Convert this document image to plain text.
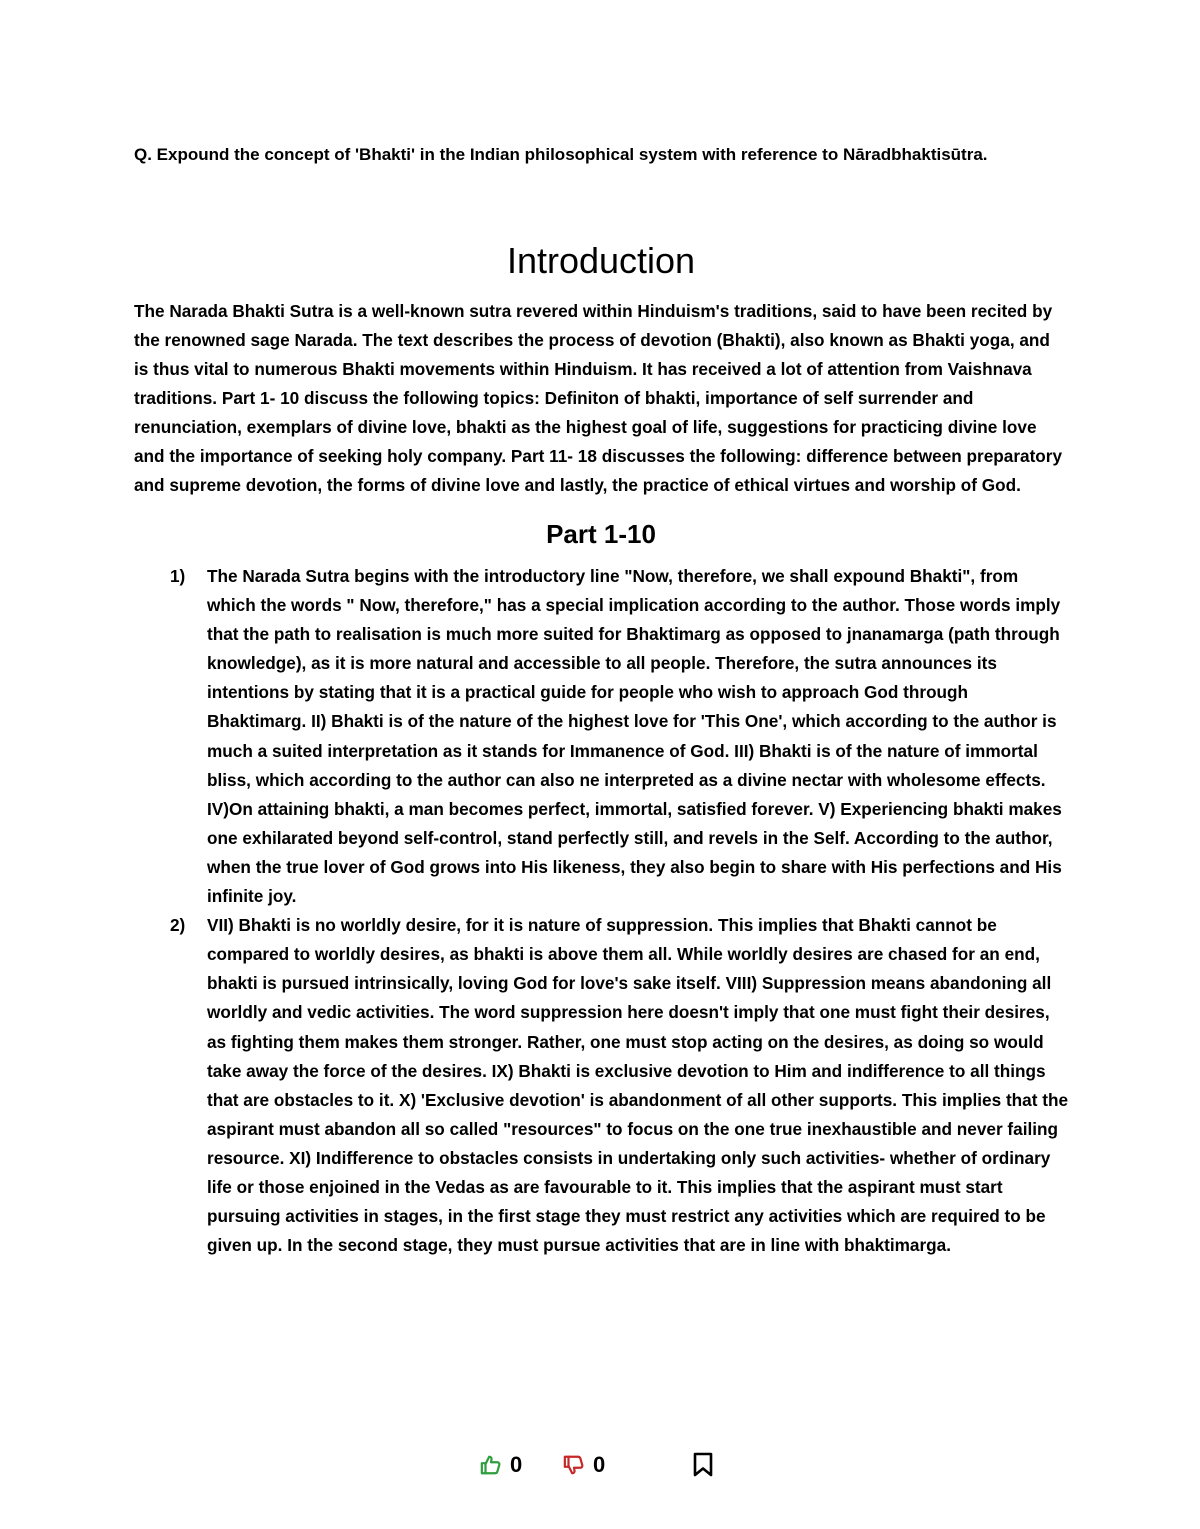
Q. Expound the concept of 'Bhakti' in the Indian philosophical system with reference to Nāradbhaktisūtra.

Introduction

The Narada Bhakti Sutra is a well-known sutra revered within Hinduism's traditions, said to have been recited by the renowned sage Narada. The text describes the process of devotion (Bhakti), also known as Bhakti yoga, and is thus vital to numerous Bhakti movements within Hinduism. It has received a lot of attention from Vaishnava traditions. Part 1- 10 discuss the following topics: Definiton of bhakti, importance of self surrender and renunciation, exemplars of divine love, bhakti as the highest goal of life, suggestions for practicing divine love and the importance of seeking holy company. Part 11- 18 discusses the following: difference between preparatory and supreme devotion, the forms of divine love and lastly, the practice of ethical virtues and worship of God.

Part 1-10
1) The Narada Sutra begins with the introductory line "Now, therefore, we shall expound Bhakti", from which the words " Now, therefore," has a special implication according to the author. Those words imply that the path to realisation is much more suited for Bhaktimarg as opposed to jnanamarga (path through knowledge), as it is more natural and accessible to all people. Therefore, the sutra announces its intentions by stating that it is a practical guide for people who wish to approach God through Bhaktimarg. II) Bhakti is of the nature of the highest love for 'This One', which according to the author is much a suited interpretation as it stands for Immanence of God. III) Bhakti is of the nature of immortal bliss, which according to the author can also ne interpreted as a divine nectar with wholesome effects. IV)On attaining bhakti, a man becomes perfect, immortal, satisfied forever. V) Experiencing bhakti makes one exhilarated beyond self-control, stand perfectly still, and revels in the Self. According to the author, when the true lover of God grows into His likeness, they also begin to share with His perfections and His infinite joy.
2) VII) Bhakti is no worldly desire, for it is nature of suppression. This implies that Bhakti cannot be compared to worldly desires, as bhakti is above them all. While worldly desires are chased for an end, bhakti is pursued intrinsically, loving God for love's sake itself. VIII) Suppression means abandoning all worldly and vedic activities. The word suppression here doesn't imply that one must fight their desires, as fighting them makes them stronger. Rather, one must stop acting on the desires, as doing so would take away the force of the desires. IX) Bhakti is exclusive devotion to Him and indifference to all things that are obstacles to it. X) 'Exclusive devotion' is abandonment of all other supports. This implies that the aspirant must abandon all so called "resources" to focus on the one true inexhaustible and never failing resource. XI) Indifference to obstacles consists in undertaking only such activities- whether of ordinary life or those enjoined in the Vedas as are favourable to it. This implies that the aspirant must start pursuing activities in stages, in the first stage they must restrict any activities which are required to be given up. In the second stage, they must pursue activities that are in line with bhaktimarga.
0	0
